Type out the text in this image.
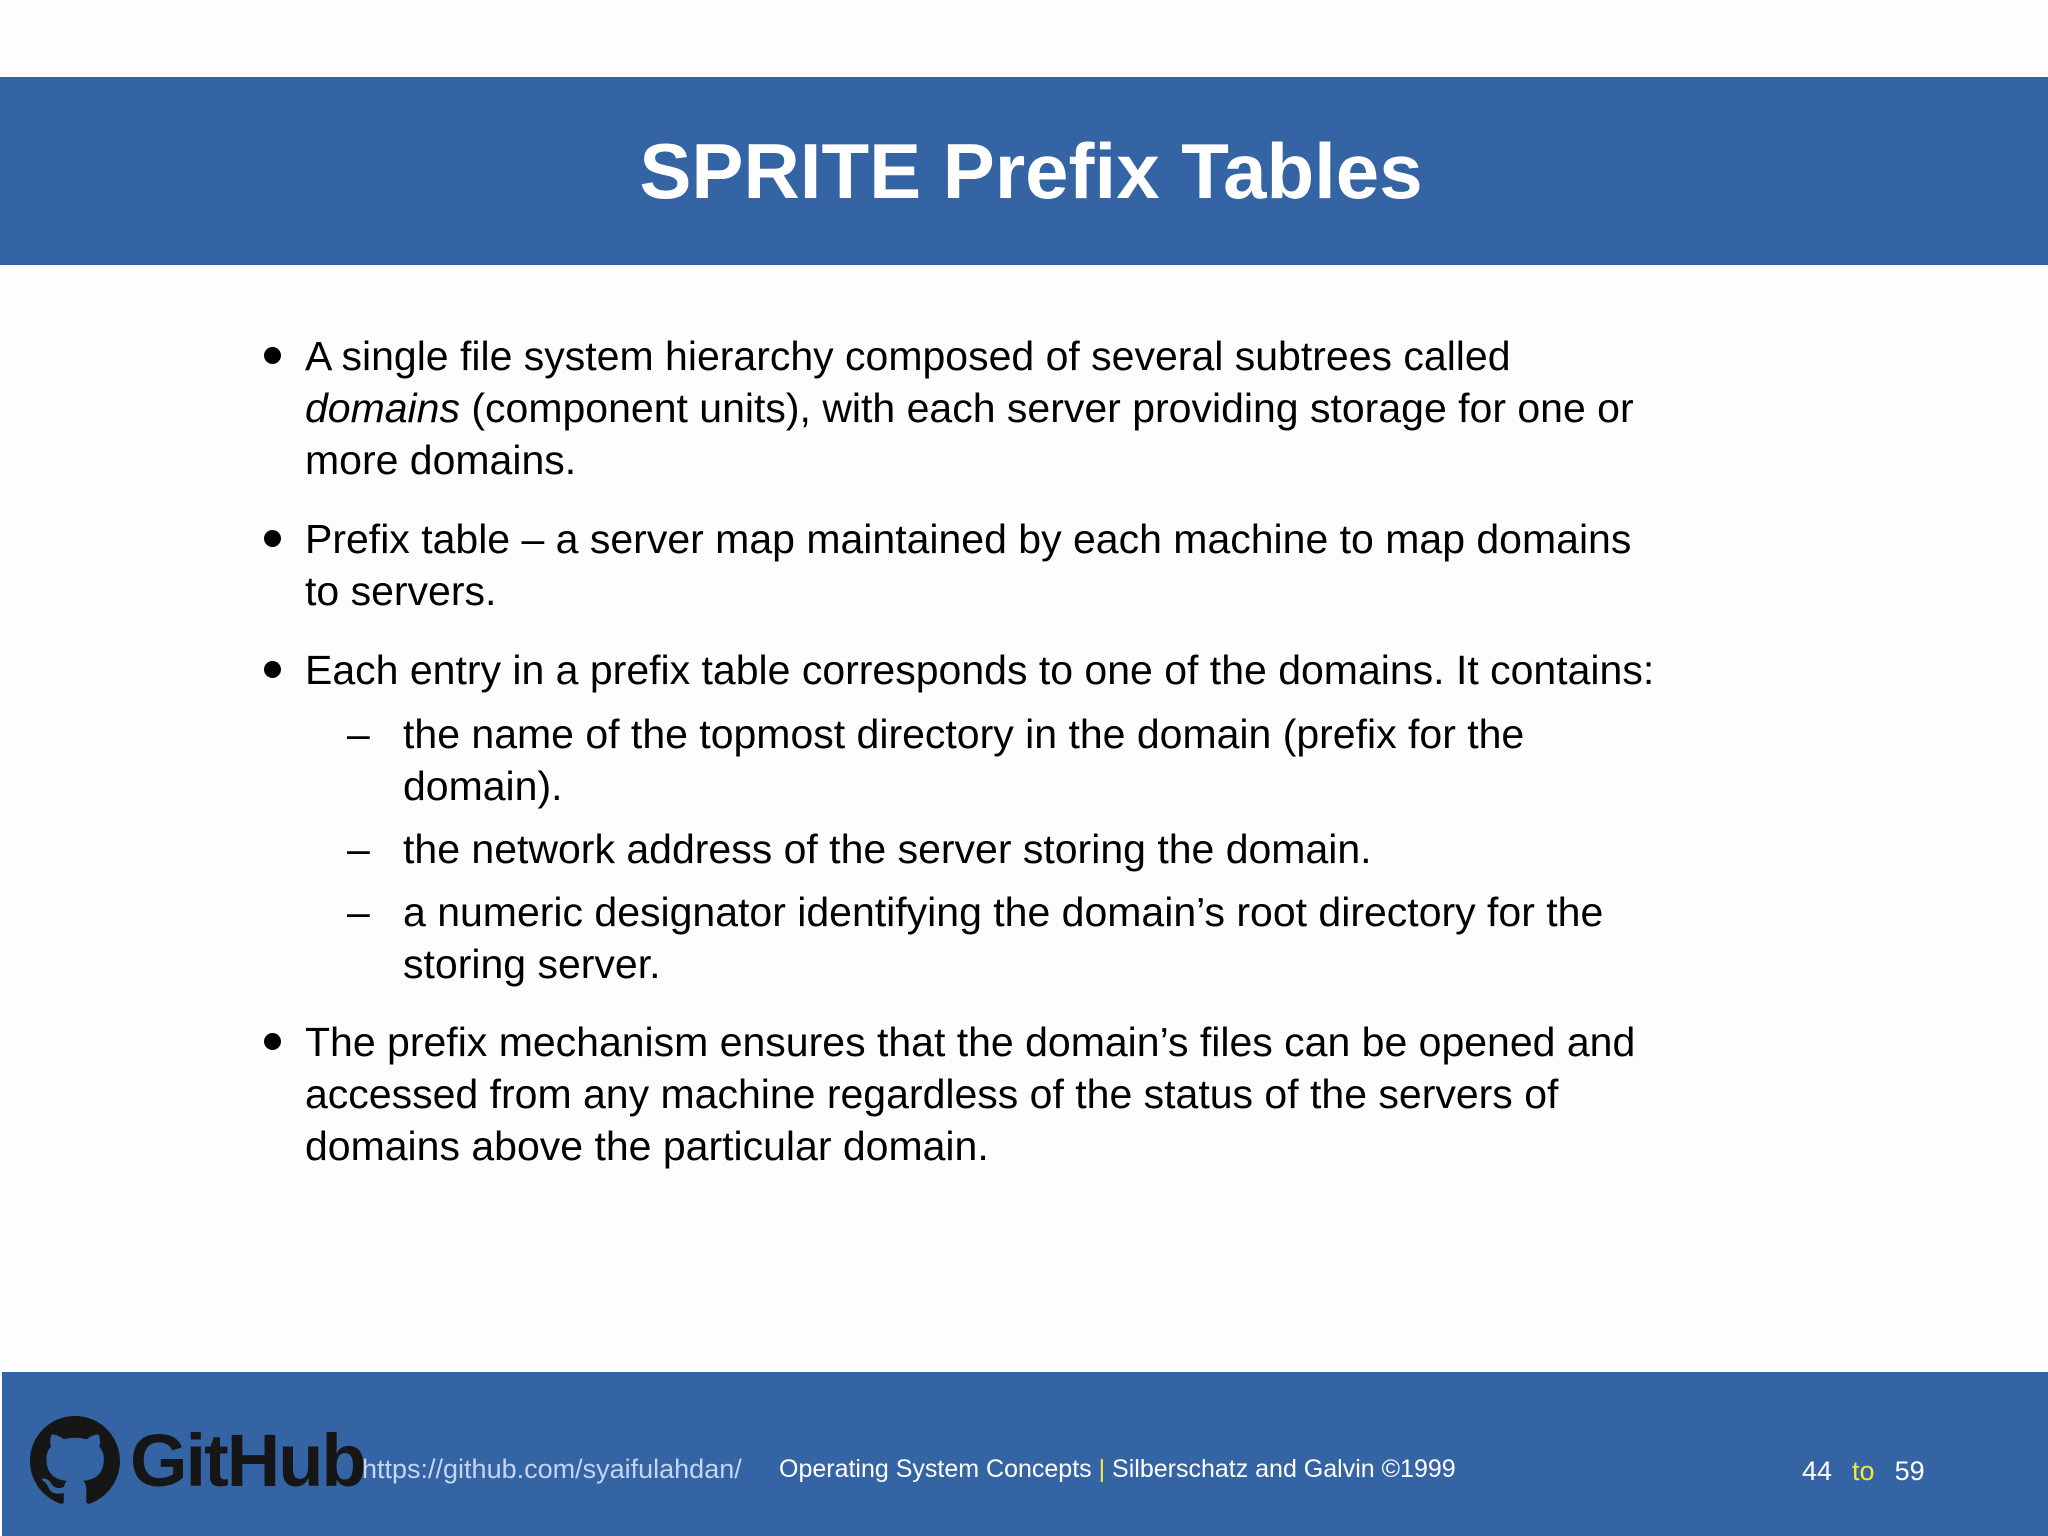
SPRITE Prefix Tables
A single file system hierarchy composed of several subtrees called
domains (component units), with each server providing storage for one or
more domains.
Prefix table – a server map maintained by each machine to map domains
to servers.
Each entry in a prefix table corresponds to one of the domains. It contains:
– the name of the topmost directory in the domain (prefix for the
domain).
– the network address of the server storing the domain.
– a numeric designator identifying the domain’s root directory for the
storing server.
The prefix mechanism ensures that the domain’s files can be opened and
accessed from any machine regardless of the status of the servers of
domains above the particular domain.
GitHub
https://github.com/syaifulahdan/ Operating System Concepts | Silberschatz and Galvin ©1999	44 to 59
